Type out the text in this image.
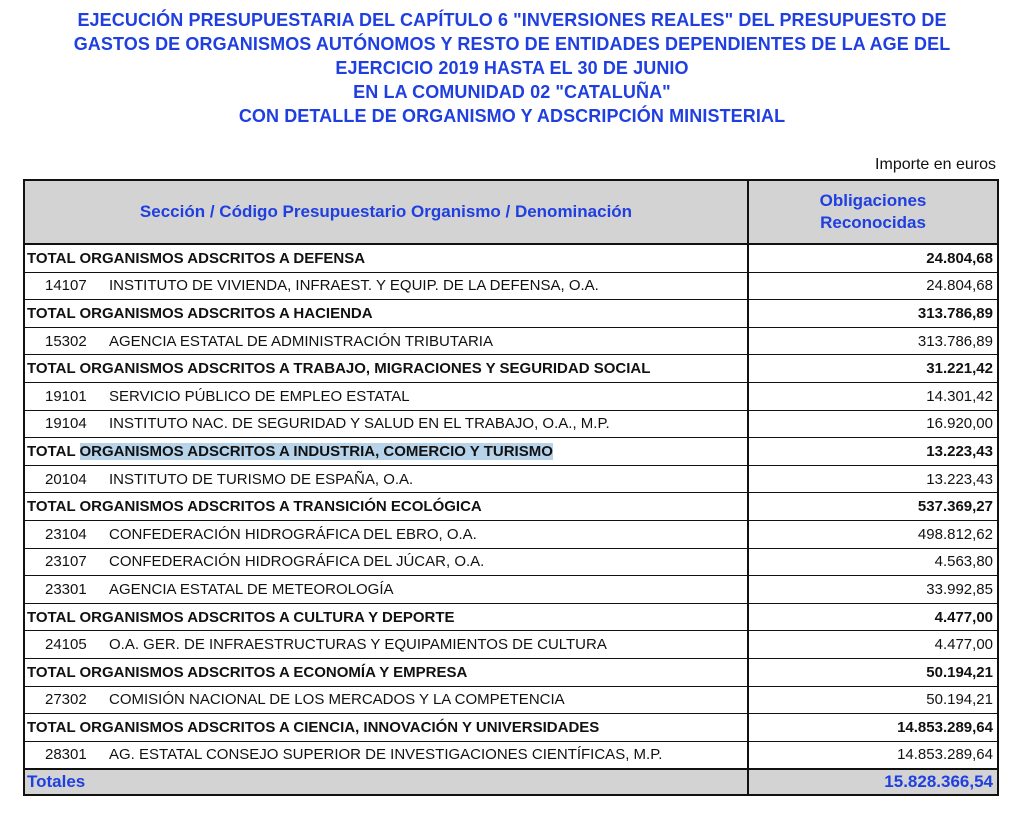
EJECUCIÓN PRESUPUESTARIA DEL CAPÍTULO 6 "INVERSIONES REALES" DEL PRESUPUESTO DE
GASTOS DE ORGANISMOS AUTÓNOMOS Y RESTO DE ENTIDADES DEPENDIENTES DE LA AGE DEL
EJERCICIO 2019 HASTA EL 30 DE JUNIO
EN LA COMUNIDAD 02 "CATALUÑA"
CON DETALLE DE ORGANISMO Y ADSCRIPCIÓN MINISTERIAL
Importe en euros
Sección / Código Presupuestario Organismo / Denominación	Obligaciones
Reconocidas
TOTAL ORGANISMOS ADSCRITOS A DEFENSA	24.804,68
14107 INSTITUTO DE VIVIENDA, INFRAEST. Y EQUIP. DE LA DEFENSA, O.A.	24.804,68
TOTAL ORGANISMOS ADSCRITOS A HACIENDA	313.786,89
15302 AGENCIA ESTATAL DE ADMINISTRACIÓN TRIBUTARIA	313.786,89
TOTAL ORGANISMOS ADSCRITOS A TRABAJO, MIGRACIONES Y SEGURIDAD SOCIAL	31.221,42
19101 SERVICIO PÚBLICO DE EMPLEO ESTATAL	14.301,42
19104 INSTITUTO NAC. DE SEGURIDAD Y SALUD EN EL TRABAJO, O.A., M.P.	16.920,00
TOTAL ORGANISMOS ADSCRITOS A INDUSTRIA, COMERCIO Y TURISMO	13.223,43
20104 INSTITUTO DE TURISMO DE ESPAÑA, O.A.	13.223,43
TOTAL ORGANISMOS ADSCRITOS A TRANSICIÓN ECOLÓGICA	537.369,27
23104 CONFEDERACIÓN HIDROGRÁFICA DEL EBRO, O.A.	498.812,62
23107 CONFEDERACIÓN HIDROGRÁFICA DEL JÚCAR, O.A.	4.563,80
23301 AGENCIA ESTATAL DE METEOROLOGÍA	33.992,85
TOTAL ORGANISMOS ADSCRITOS A CULTURA Y DEPORTE	4.477,00
24105 O.A. GER. DE INFRAESTRUCTURAS Y EQUIPAMIENTOS DE CULTURA	4.477,00
TOTAL ORGANISMOS ADSCRITOS A ECONOMÍA Y EMPRESA	50.194,21
27302 COMISIÓN NACIONAL DE LOS MERCADOS Y LA COMPETENCIA	50.194,21
TOTAL ORGANISMOS ADSCRITOS A CIENCIA, INNOVACIÓN Y UNIVERSIDADES	14.853.289,64
28301 AG. ESTATAL CONSEJO SUPERIOR DE INVESTIGACIONES CIENTÍFICAS, M.P.	14.853.289,64
Totales	15.828.366,54
